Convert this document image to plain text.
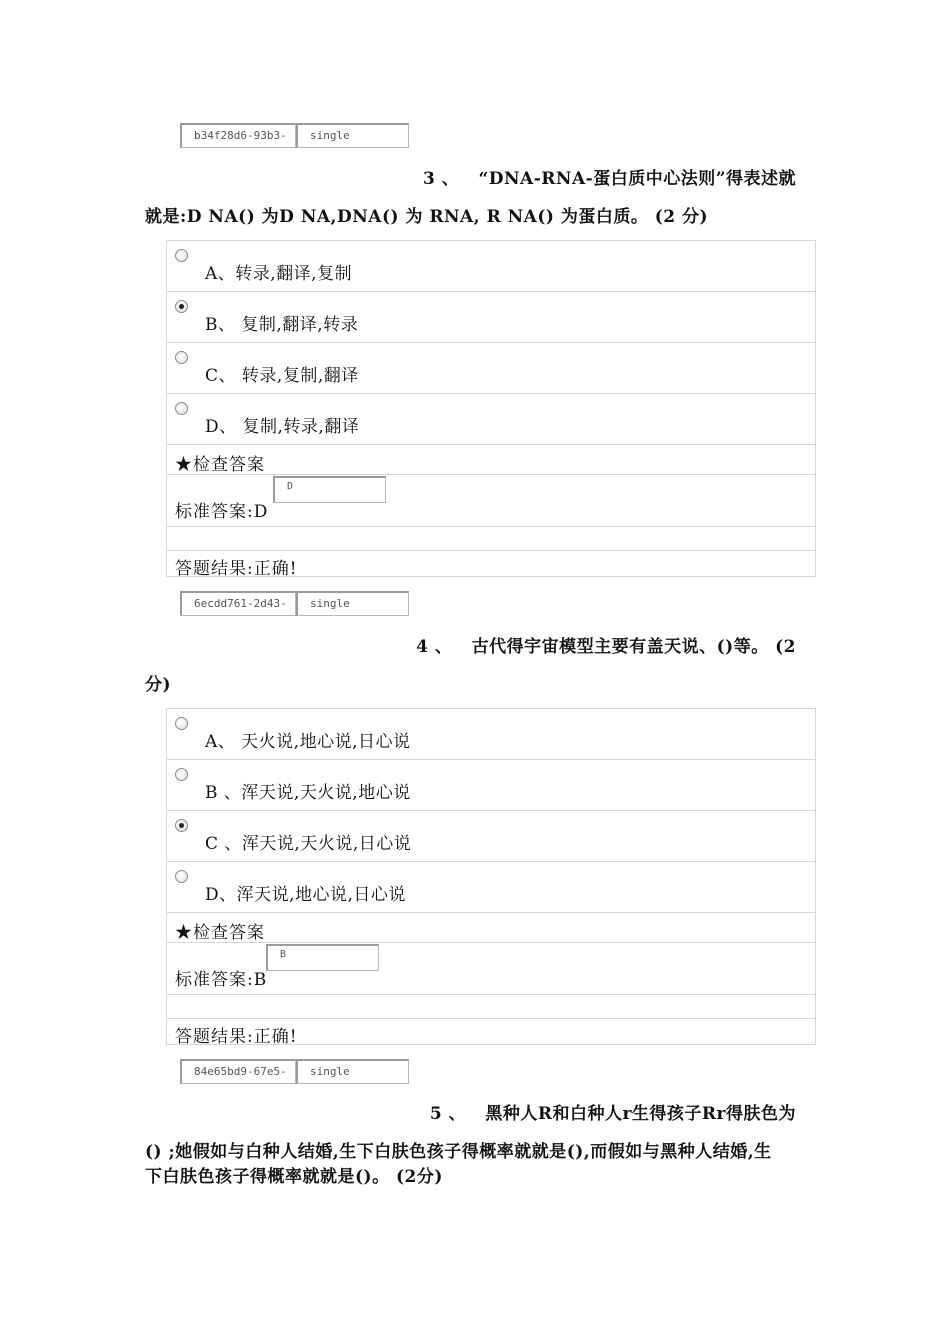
b34f28d6-93b3-	single
3 、 “DNA-RNA-蛋白质中心法则”得表述就
就是:D NA() 为D NA,DNA() 为 RNA, R NA() 为蛋白质。 (2 分)
A、转录,翻译,复制
B、 复制,翻译,转录
C、 转录,复制,翻译
D、 复制,转录,翻译
★检查答案
标准答案:D
D
答题结果:正确!
6ecdd761-2d43-	single
4 、 古代得宇宙模型主要有盖天说、()等。 (2
分)
A、 天火说,地心说,日心说
B 、浑天说,天火说,地心说
C 、浑天说,天火说,日心说
D、浑天说,地心说,日心说
★检查答案
标准答案:B
B
答题结果:正确!
84e65bd9-67e5-	single
5 、 黑种人R和白种人r生得孩子Rr得肤色为
() ;她假如与白种人结婚,生下白肤色孩子得概率就就是(),而假如与黑种人结婚,生
下白肤色孩子得概率就就是()。 (2分)
